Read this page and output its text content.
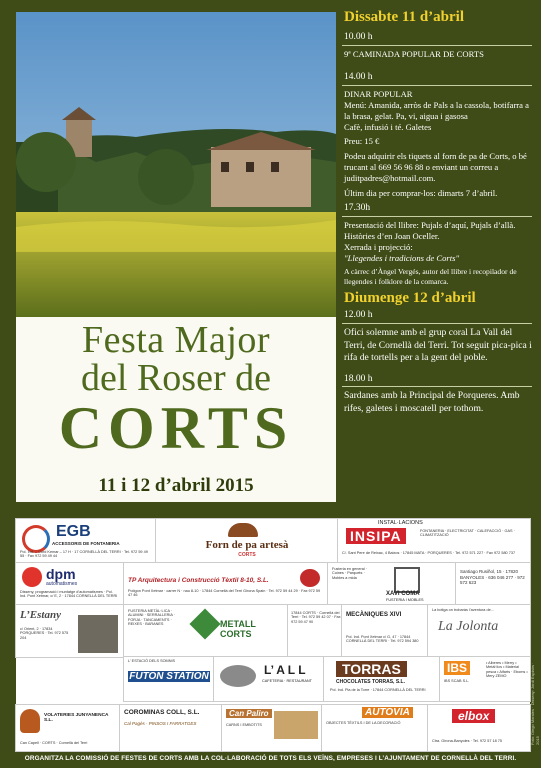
Festa Major
del Roser de
CORTS
11 i 12 d’abril 2015
Dissabte 11 d’abril
10.00 h
9ª CAMINADA POPULAR DE CORTS
14.00 h
DINAR POPULAR
Menú: Amanida, arròs de Pals a la cassola, botifarra a la brasa, gelat. Pa, vi, aigua i gasosa
Cafè, infusió i té. Galetes
Preu: 15 €
Podeu adquirir els tiquets al forn de pa de Corts, o bé trucant al 669 56 96 88 o enviant un correu a juditpadres@hotmail.com.
Últim dia per comprar-los: dimarts 7 d’abril.
17.30h
Presentació del llibre: Pujals d’aquí, Pujals d’allà. Històries d’en Joan Oceller.
Xerrada i projecció:
"Llegendes i tradicions de Corts"
A càrrec d’Àngel Vergés, autor del llibre i recopilador de llegendes i folklore de la comarca.
Diumenge 12 d’abril
12.00 h
Ofici solemne amb el grup coral La Vall del Terri, de Cornellà del Terri. Tot seguit pica-pica i rifa de tortells per a la gent del poble.
18.00 h
Sardanes amb la Principal de Porqueres. Amb rifes, galetes i moscatell per tothom.
EGB
ACCESSORIS DE FONTANERIA
Pol. Ind. – Cord Kemar – 17 H · 17 CORNELLÀ DEL TERRI · Tel. 972 59 49 55 · Fax 972 59 49 44
Forn de pa artesà
CORTS
INSTAL·LACIONS
INSIPA	FONTANERIA · ELECTRICITAT · CALEFACCIÓ · GAS · CLIMATITZACIÓ
C/. Sant Pere de Reixac, 4 Baixos · 17845 MATA · PORQUERES · Tel. 972 571 227 · Fax 972 580 737
dpm
automatismes
Disseny, programació i muntatge d’automatismes · Pol. Ind. Pont Xetmar, c/ E, 2 · 17844 CORNELLÀ DEL TERRI
TP Arquitectura i Construcció Tèxtil 8-10, S.L.
Polígon Pont Xetmar · carrer N · nau 8-10 · 17844 Cornellà del Terri Girona Spain · Tel. 972 59 44 29 · Fax 972 59 47 46
Fusteria en general · Cuines · Parquets · Mobles a mida
XAVI COMA
FUSTERIA I MOBLES
Santiago Rusiñol, 15 · 17820 BANYOLES · 636 046 277 · 972 572 623
L’Estany
c/ Orient, 2 · 17834 PORQUERES · Tel. 972 575 204
FUSTERIA METÀL·LICA · ALUMINI · SERRALLERIA · FORJA · TANCAMENTS · REIXES · BARANES	METALL CORTS
17844 CORTS · Cornellà del Terri · Tel. 972 59 42 07 · Fax 972 59 47 90
MECÀNIQUES XIVI
Pol. Ind. Pont Xetmar c/ G, 47 · 17844 CORNELLÀ DEL TERRI · Tel. 972 594 380
La botiga on trobaràs l’aventura de...
La Jolonta
L’ ESTACIÓ DELS SOMNIS
FUTON STATION	L’ A L L
CAFETERIA · RESTAURANT
TORRAS
CHOCOLATES TORRAS, S.L.
Pol. Ind. Pla de la Torre · 17844 CORNELLÀ DEL TERRI
IBS
IBS SCAB S.L.
• Alberes • Merry • Metàl·lics • Material pesca • Alfarts · Eboms • Mery ZEMO
VOLATERIES JUNYANENCA S.L.
Can Capell · CORTS · Cornellà del Terri
COROMINAS COLL, S.L.
Cal Pagès · PINSOS I FARRATGES
Can Paliro
CARNS I EMBOTITS
AUTOVIA
OBJECTES TÈXTILS I DE LA DECORACIÓ	elbox
Ctra. Girona-Banyoles · Tel. 972 57 18 75	Foto: Diego Morales · Disseny: Jordi Espinós · 2015
ORGANITZA LA COMISSIÓ DE FESTES DE CORTS AMB LA COL·LABORACIÓ DE TOTS ELS VEÏNS, EMPRESES I L’AJUNTAMENT DE CORNELLÀ DEL TERRI.
